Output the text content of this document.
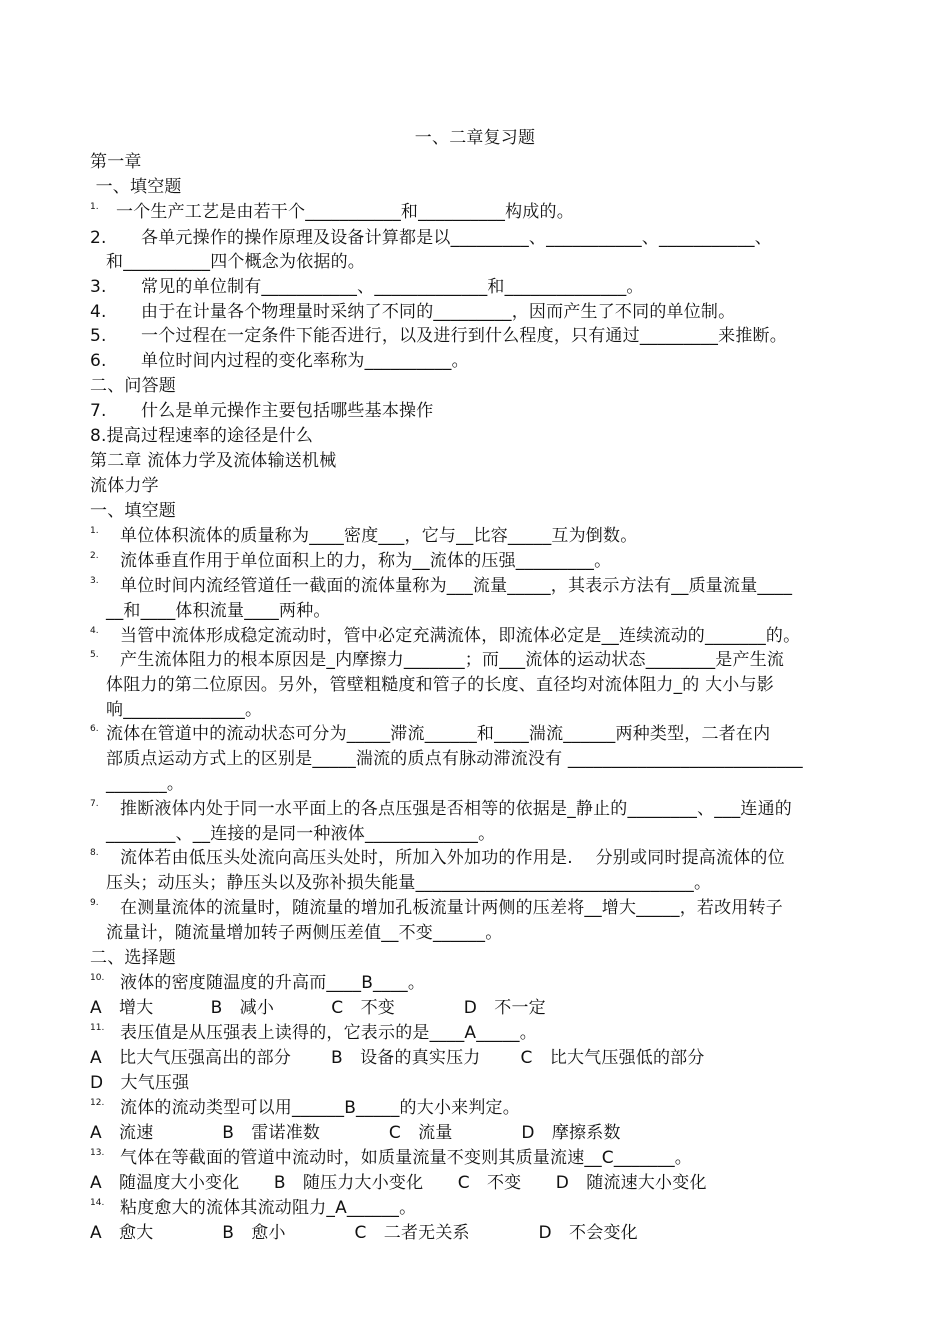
一、二章复习题
第一章
一、填空题
1. 一个生产工艺是由若干个___________和__________构成的。
2.　　各单元操作的操作原理及设备计算都是以_________、___________、___________、
和__________四个概念为依据的。
3.　　常见的单位制有___________、_____________和______________。
4.　　由于在计量各个物理量时采纳了不同的_________，因而产生了不同的单位制。
5.　　一个过程在一定条件下能否进行，以及进行到什么程度，只有通过_________来推断。
6.　　单位时间内过程的变化率称为__________。
二、问答题
7.　　什么是单元操作主要包括哪些基本操作
8.提高过程速率的途径是什么
第二章 流体力学及流体输送机械
流体力学
一、填空题
1. 单位体积流体的质量称为____密度___，它与__比容_____互为倒数。
2. 流体垂直作用于单位面积上的力，称为__流体的压强_________。
3. 单位时间内流经管道任一截面的流体量称为___流量_____，其表示方法有__质量流量____
__和____体积流量____两种。
4. 当管中流体形成稳定流动时，管中必定充满流体，即流体必定是__连续流动的_______的。
5. 产生流体阻力的根本原因是_内摩擦力_______；而___流体的运动状态________是产生流
体阻力的第二位原因。另外，管壁粗糙度和管子的长度、直径均对流体阻力_的 大小与影
响______________。
6. 流体在管道中的流动状态可分为_____滞流______和____湍流______两种类型，二者在内
部质点运动方式上的区别是_____湍流的质点有脉动滞流没有 ___________________________
_______。
7. 推断液体内处于同一水平面上的各点压强是否相等的依据是_静止的________、___连通的
________、__连接的是同一种液体_____________。
8. 流体若由低压头处流向高压头处时，所加入外加功的作用是.　 分别或同时提高流体的位
压头；动压头；静压头以及弥补损失能量________________________________。
9. 在测量流体的流量时，随流量的增加孔板流量计两侧的压差将__增大_____，若改用转子
流量计，随流量增加转子两侧压差值__不变______。
二、选择题
10. 液体的密度随温度的升高而____B____。
A　增大　　　 B　减小　　　 C　不变　　　　D　不一定
11. 表压值是从压强表上读得的，它表示的是____A_____。
A　比大气压强高出的部分　　 B　设备的真实压力　　 C　比大气压强低的部分
D　大气压强
12. 流体的流动类型可以用______B_____的大小来判定。
A　流速　　　　B　雷诺准数　　　　C　流量　　　　D　摩擦系数
13. 气体在等截面的管道中流动时，如质量流量不变则其质量流速__C_______。
A　随温度大小变化　　B　随压力大小变化　　C　不变　　D　随流速大小变化
14. 粘度愈大的流体其流动阻力_A______。
A　愈大　　　　B　愈小　　　　C　二者无关系　　　　D　不会变化
